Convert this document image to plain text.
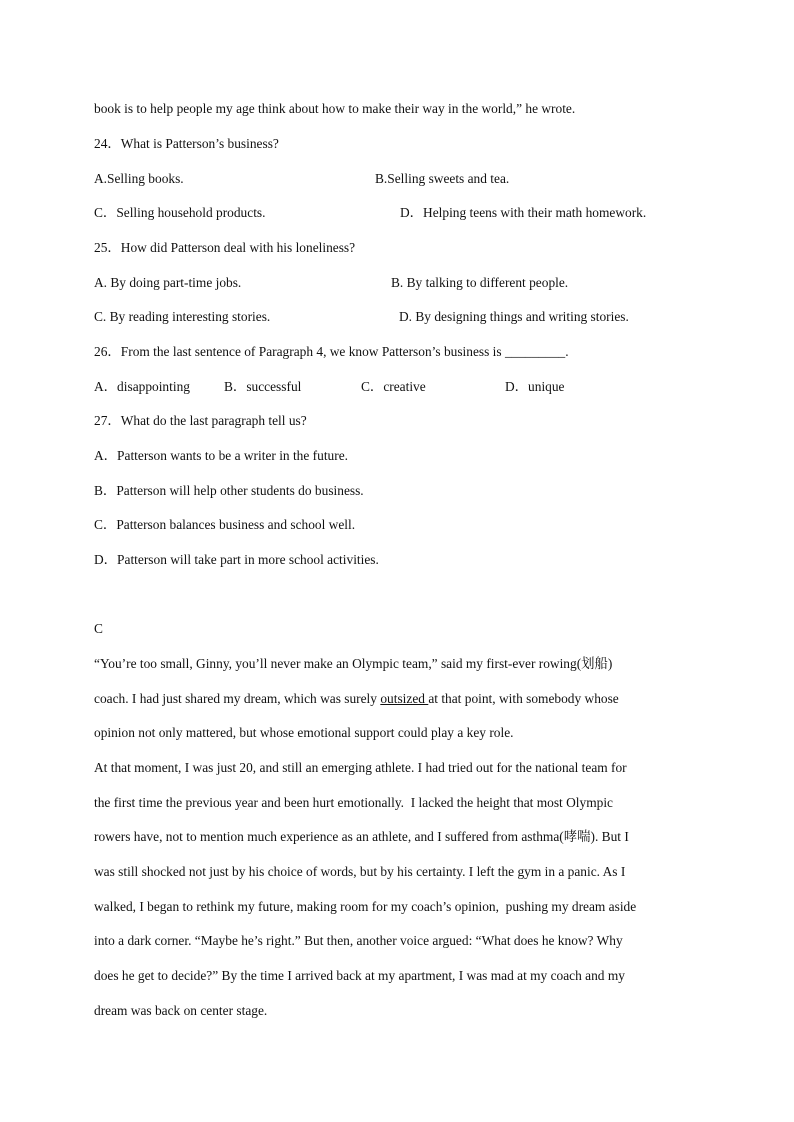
book is to help people my age think about how to make their way in the world,” he wrote.
24．What is Patterson’s business?
A.Selling books.	B.Selling sweets and tea.
C．Selling household products.	D．Helping teens with their math homework.
25．How did Patterson deal with his loneliness?
A. By doing part-time jobs.	B. By talking to different people.
C. By reading interesting stories.	D. By designing things and writing stories.
26．From the last sentence of Paragraph 4, we know Patterson’s business is _________.
A．disappointing	B．successful	C．creative	D．unique
27．What do the last paragraph tell us?
A．Patterson wants to be a writer in the future.
B．Patterson will help other students do business.
C．Patterson balances business and school well.
D．Patterson will take part in more school activities.
C
“You’re too small, Ginny, you’ll never make an Olympic team,” said my first-ever rowing(划船)
coach. I had just shared my dream, which was surely outsized at that point, with somebody whose
opinion not only mattered, but whose emotional support could play a key role.
At that moment, I was just 20, and still an emerging athlete. I had tried out for the national team for
the first time the previous year and been hurt emotionally.  I lacked the height that most Olympic
rowers have, not to mention much experience as an athlete, and I suffered from asthma(哮喘). But I
was still shocked not just by his choice of words, but by his certainty. I left the gym in a panic. As I
walked, I began to rethink my future, making room for my coach’s opinion,  pushing my dream aside
into a dark corner. “Maybe he’s right.” But then, another voice argued: “What does he know? Why
does he get to decide?” By the time I arrived back at my apartment, I was mad at my coach and my
dream was back on center stage.
